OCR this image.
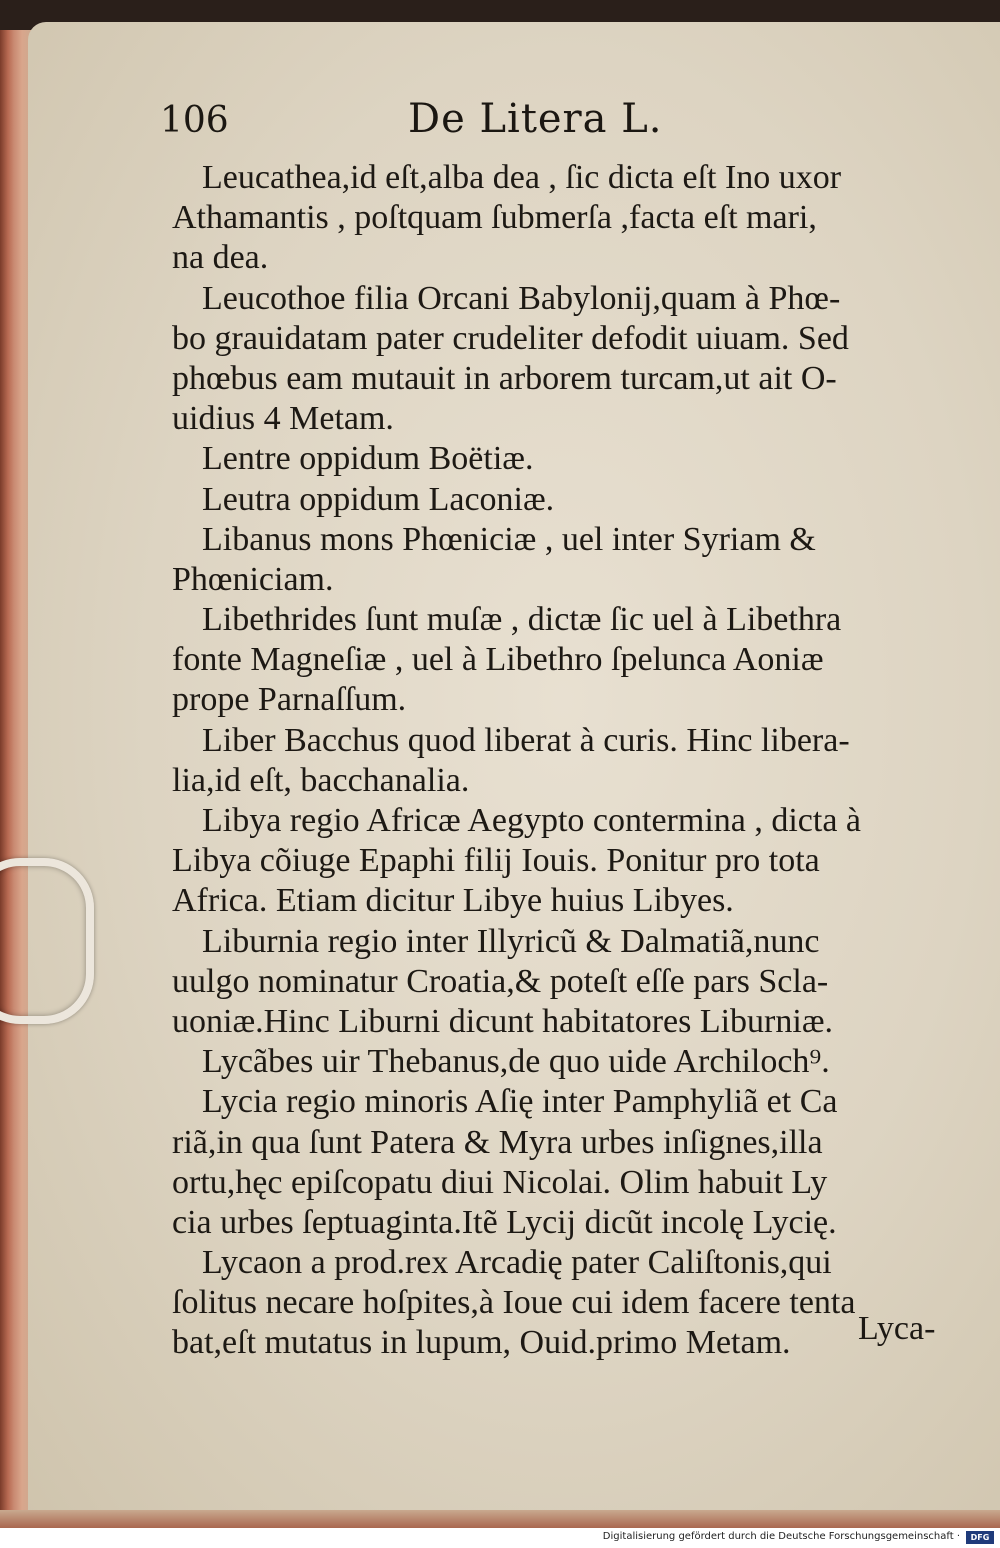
106	De Litera L.
Leucathea,id eſt,alba dea , ſic dicta eſt Ino uxor
Athamantis , poſtquam ſubmerſa ,facta eſt mari,
na dea.
Leucothoe filia Orcani Babylonij,quam à Phœ-
bo grauidatam pater crudeliter defodit uiuam. Sed
phœbus eam mutauit in arborem turcam,ut ait O-
uidius 4 Metam.
Lentre oppidum Boëtiæ.
Leutra oppidum Laconiæ.
Libanus mons Phœniciæ , uel inter Syriam &
Phœniciam.
Libethrides ſunt muſæ , dictæ ſic uel à Libethra
fonte Magneſiæ , uel à Libethro ſpelunca Aoniæ
prope Parnaſſum.
Liber Bacchus quod liberat à curis. Hinc libera-
lia,id eſt, bacchanalia.
Libya regio Africæ Aegypto contermina , dicta à
Libya cõiuge Epaphi filij Iouis. Ponitur pro tota
Africa. Etiam dicitur Libye huius Libyes.
Liburnia regio inter Illyricũ & Dalmatiã,nunc
uulgo nominatur Croatia,& poteſt eſſe pars Scla-
uoniæ.Hinc Liburni dicunt habitatores Liburniæ.
Lycãbes uir Thebanus,de quo uide Archiloch⁹.
Lycia regio minoris Aſię inter Pamphyliã et Ca
riã,in qua ſunt Patera & Myra urbes inſignes,illa
ortu,hęc epiſcopatu diui Nicolai. Olim habuit Ly
cia urbes ſeptuaginta.Itẽ Lycij dicũt incolę Lycię.
Lycaon a prod.rex Arcadię pater Caliſtonis,qui
ſolitus necare hoſpites,à Ioue cui idem facere tenta
bat,eſt mutatus in lupum, Ouid.primo Metam.	Lyca-
Digitalisierung gefördert durch die Deutsche Forschungsgemeinschaft ·	DFG
